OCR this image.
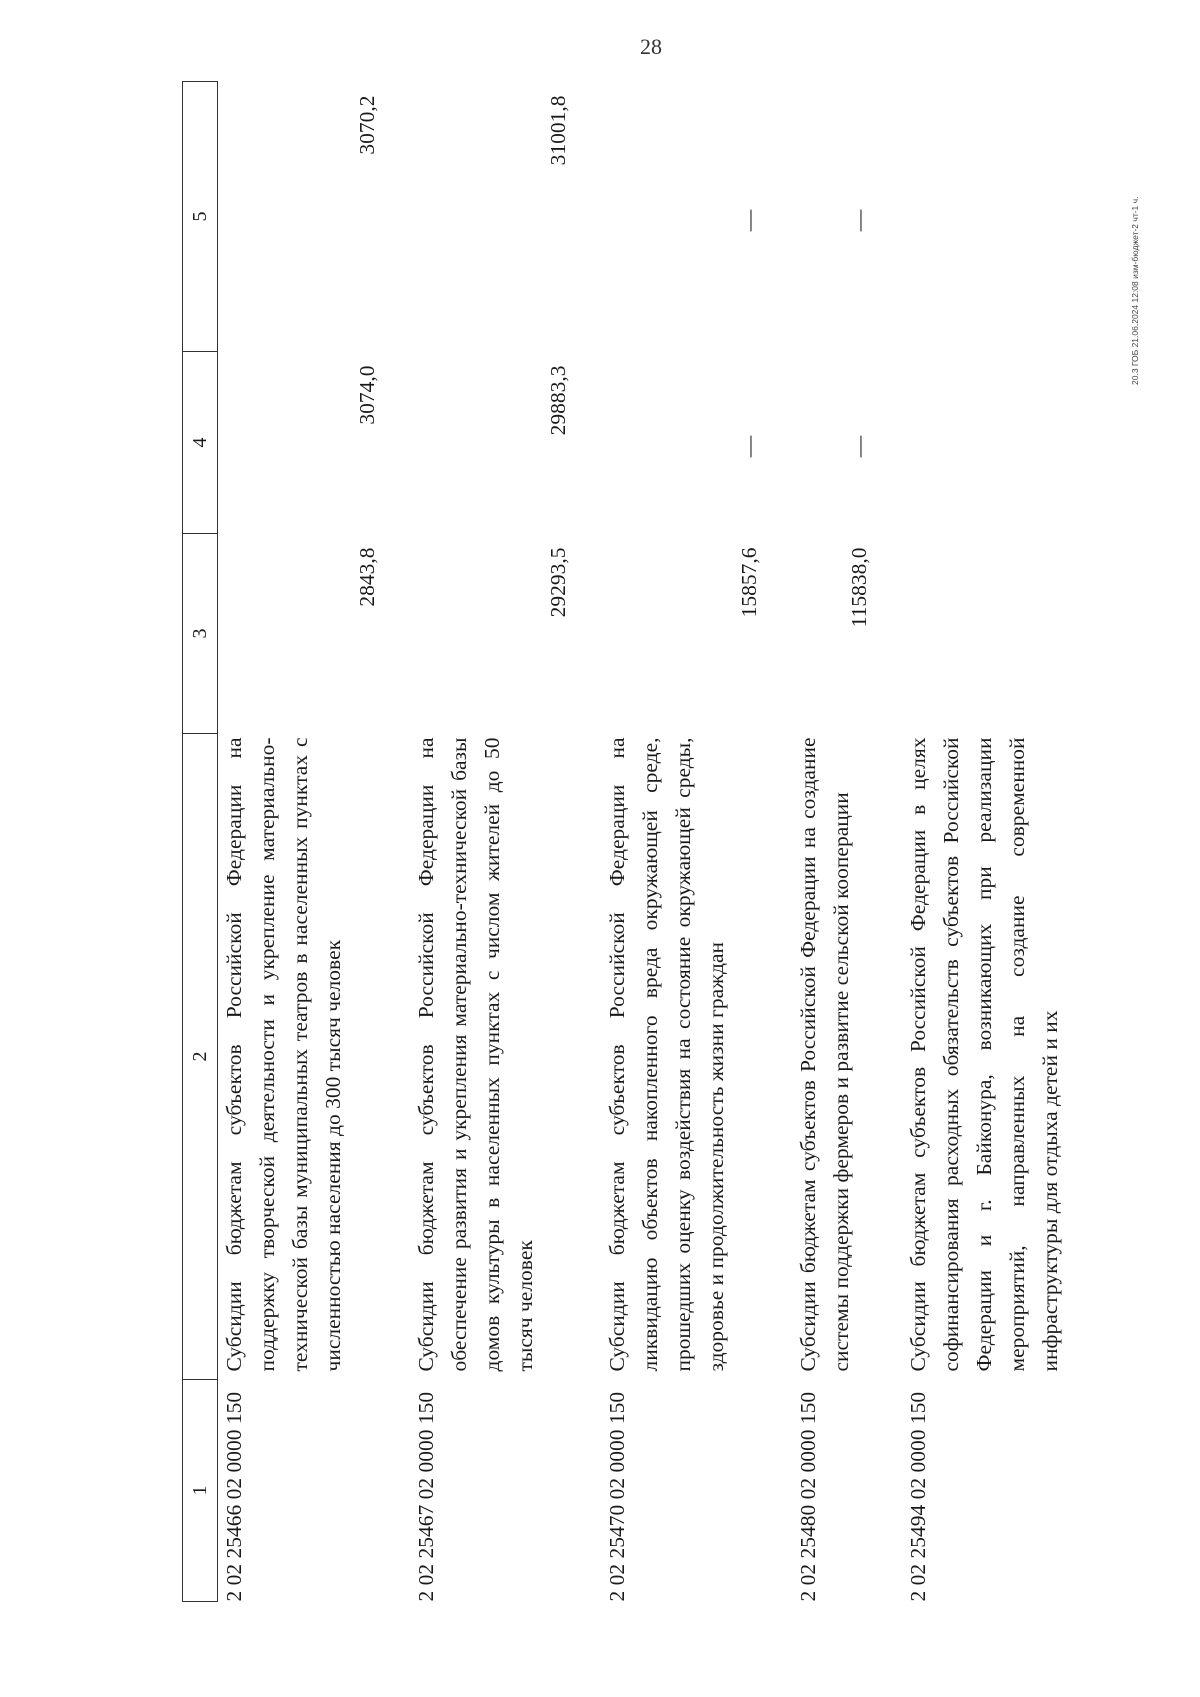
28
20.3 ГОБ 21.06.2024 12:08 изм-бюджет-2 чт-1 ч.
1	2	3	4	5
2 02 25466 02 0000 150	Субсидии бюджетам субъектов Российской Федерации на поддержку творческой деятельности и укрепление материально-технической базы муниципальных театров в населенных пунктах с численностью населения до 300 тысяч человек	2843,8	3074,0	3070,2
2 02 25467 02 0000 150	Субсидии бюджетам субъектов Российской Федерации на обеспечение развития и укрепления материально-технической базы домов культуры в населенных пунктах с числом жителей до 50 тысяч человек	29293,5	29883,3	31001,8
2 02 25470 02 0000 150	Субсидии бюджетам субъектов Российской Федерации на ликвидацию объектов накопленного вреда окружающей среде, прошедших оценку воздействия на состояние окружающей среды, здоровье и продолжительность жизни граждан	15857,6	—	—
2 02 25480 02 0000 150	Субсидии бюджетам субъектов Российской Федерации на создание системы поддержки фермеров и развитие сельской кооперации	115838,0	—	—
2 02 25494 02 0000 150	Субсидии бюджетам субъектов Российской Федерации в целях софинансирования расходных обязательств субъектов Российской Федерации и г. Байконура, возникающих при реализации мероприятий, направленных на создание современной инфраструктуры для отдыха детей и их			
